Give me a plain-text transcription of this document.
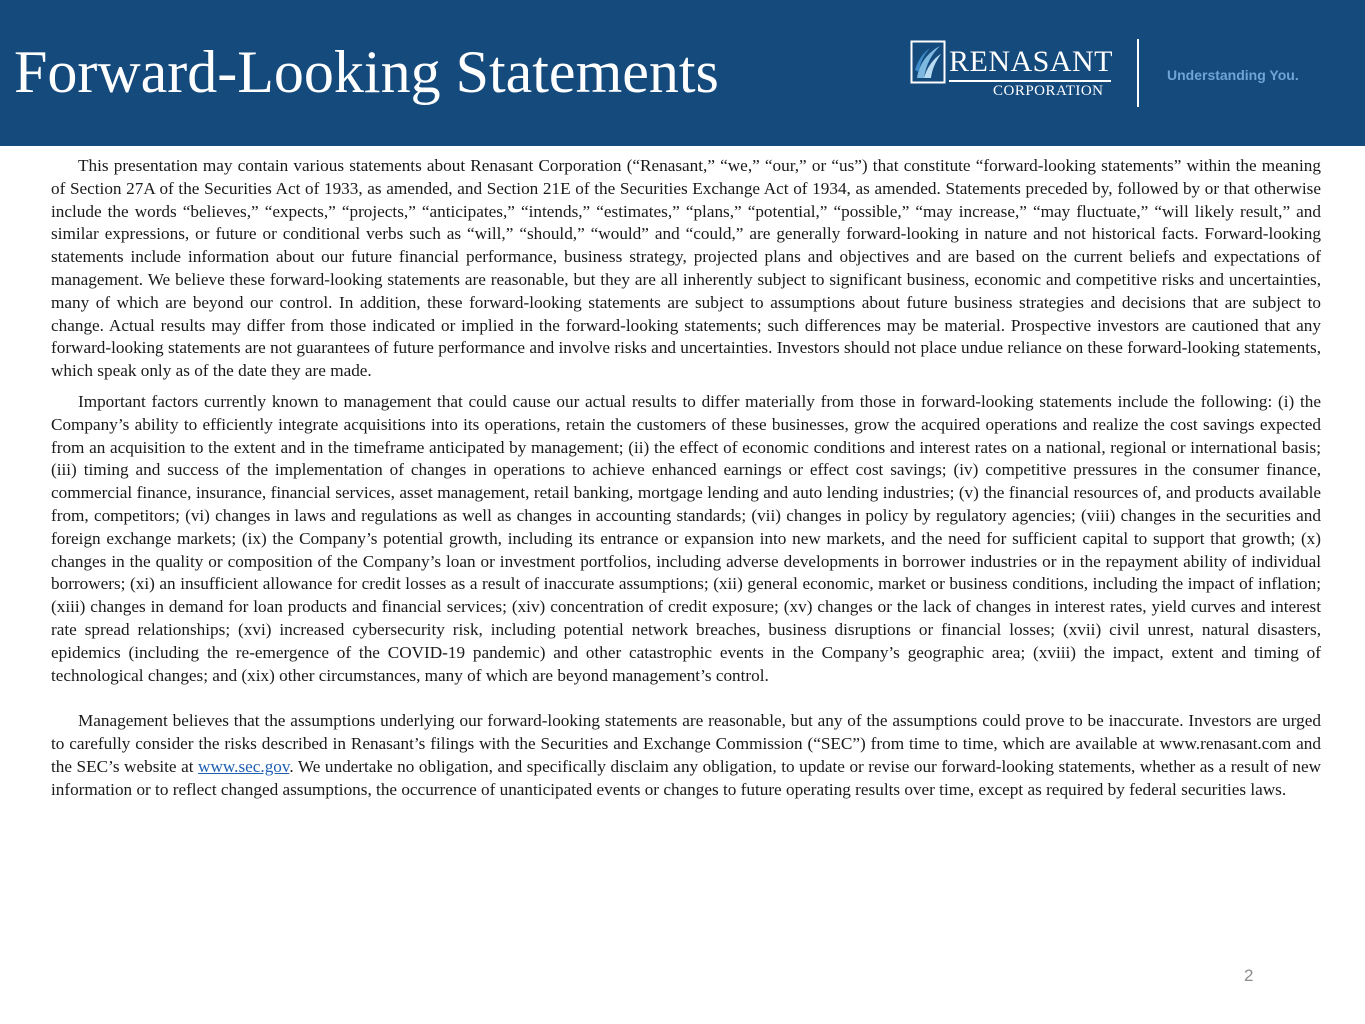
Forward-Looking Statements	RENASANT
CORPORATION
Understanding You.

This presentation may contain various statements about Renasant Corporation (“Renasant,” “we,” “our,” or “us”) that constitute “forward-looking statements” within the meaning of Section 27A of the Securities Act of 1933, as amended, and Section 21E of the Securities Exchange Act of 1934, as amended. Statements preceded by, followed by or that otherwise include the words “believes,” “expects,” “projects,” “anticipates,” “intends,” “estimates,” “plans,” “potential,” “possible,” “may increase,” “may fluctuate,” “will likely result,” and similar expressions, or future or conditional verbs such as “will,” “should,” “would” and “could,” are generally forward-looking in nature and not historical facts. Forward-looking statements include information about our future financial performance, business strategy, projected plans and objectives and are based on the current beliefs and expectations of management. We believe these forward-looking statements are reasonable, but they are all inherently subject to significant business, economic and competitive risks and uncertainties, many of which are beyond our control. In addition, these forward-looking statements are subject to assumptions about future business strategies and decisions that are subject to change. Actual results may differ from those indicated or implied in the forward-looking statements; such differences may be material. Prospective investors are cautioned that any forward-looking statements are not guarantees of future performance and involve risks and uncertainties. Investors should not place undue reliance on these forward-looking statements, which speak only as of the date they are made.

Important factors currently known to management that could cause our actual results to differ materially from those in forward-looking statements include the following: (i) the Company’s ability to efficiently integrate acquisitions into its operations, retain the customers of these businesses, grow the acquired operations and realize the cost savings expected from an acquisition to the extent and in the timeframe anticipated by management; (ii) the effect of economic conditions and interest rates on a national, regional or international basis; (iii) timing and success of the implementation of changes in operations to achieve enhanced earnings or effect cost savings; (iv) competitive pressures in the consumer finance, commercial finance, insurance, financial services, asset management, retail banking, mortgage lending and auto lending industries; (v) the financial resources of, and products available from, competitors; (vi) changes in laws and regulations as well as changes in accounting standards; (vii) changes in policy by regulatory agencies; (viii) changes in the securities and foreign exchange markets; (ix) the Company’s potential growth, including its entrance or expansion into new markets, and the need for sufficient capital to support that growth; (x) changes in the quality or composition of the Company’s loan or investment portfolios, including adverse developments in borrower industries or in the repayment ability of individual borrowers; (xi) an insufficient allowance for credit losses as a result of inaccurate assumptions; (xii) general economic, market or business conditions, including the impact of inflation; (xiii) changes in demand for loan products and financial services; (xiv) concentration of credit exposure; (xv) changes or the lack of changes in interest rates, yield curves and interest rate spread relationships; (xvi) increased cybersecurity risk, including potential network breaches, business disruptions or financial losses; (xvii) civil unrest, natural disasters, epidemics (including the re-emergence of the COVID-19 pandemic) and other catastrophic events in the Company’s geographic area; (xviii) the impact, extent and timing of technological changes; and (xix) other circumstances, many of which are beyond management’s control.

Management believes that the assumptions underlying our forward-looking statements are reasonable, but any of the assumptions could prove to be inaccurate. Investors are urged to carefully consider the risks described in Renasant’s filings with the Securities and Exchange Commission (“SEC”) from time to time, which are available at www.renasant.com and the SEC’s website at www.sec.gov. We undertake no obligation, and specifically disclaim any obligation, to update or revise our forward-looking statements, whether as a result of new information or to reflect changed assumptions, the occurrence of unanticipated events or changes to future operating results over time, except as required by federal securities laws.

2
